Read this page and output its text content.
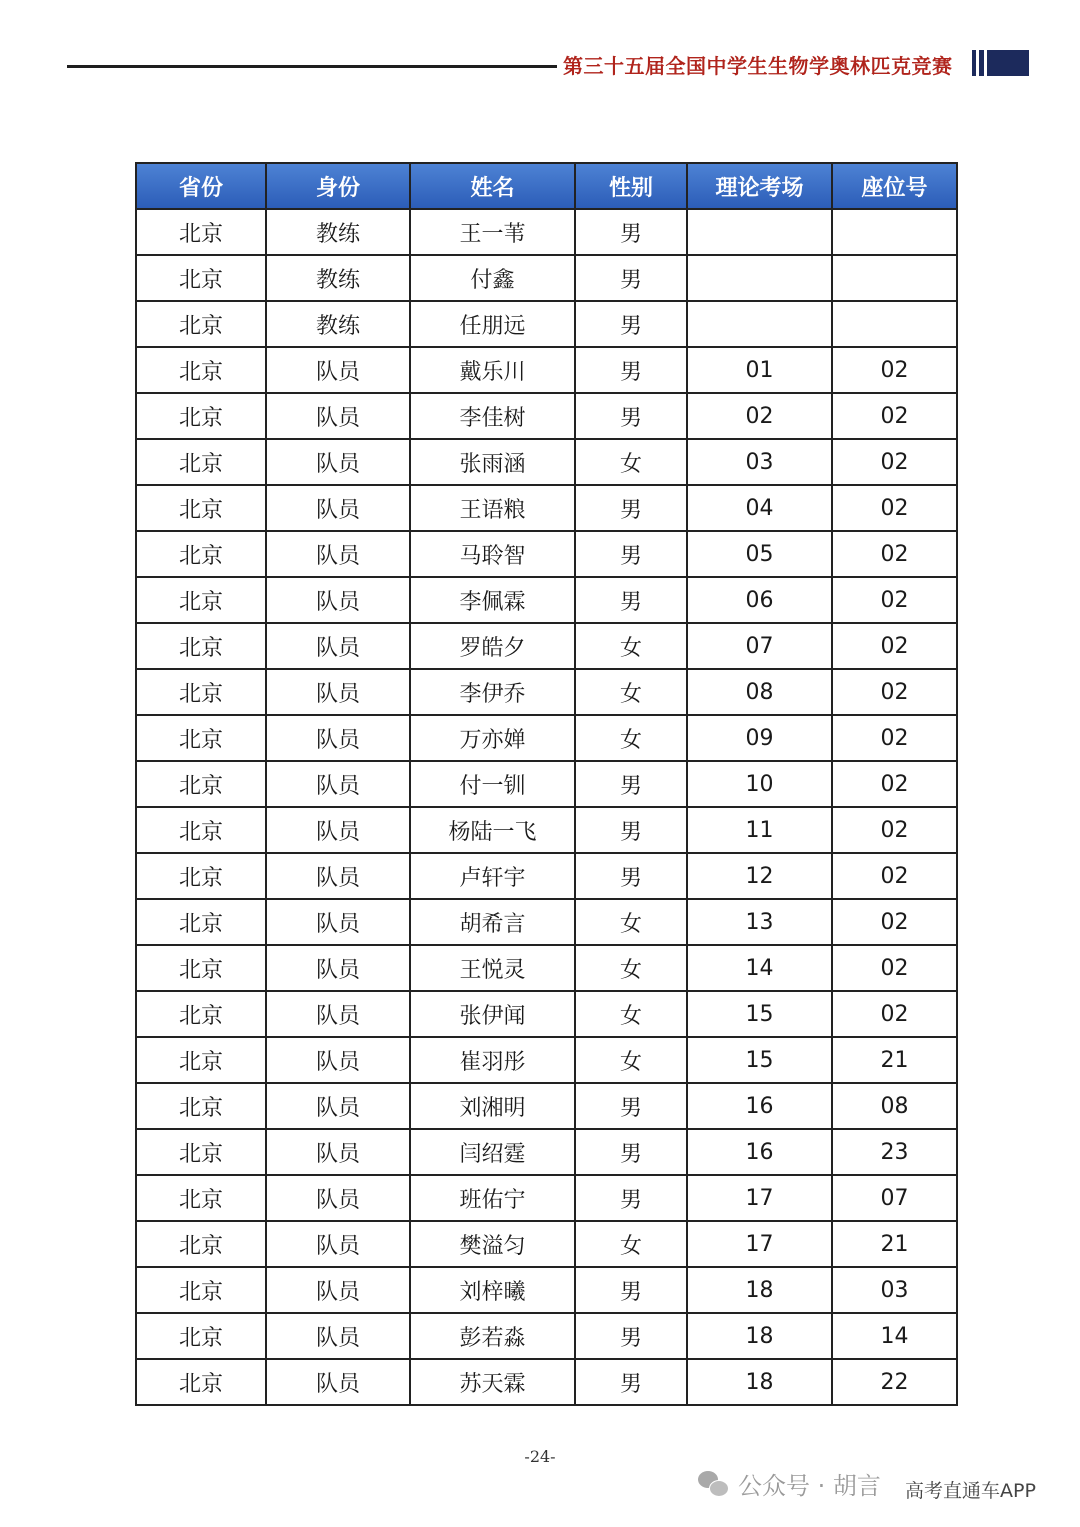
第三十五届全国中学生生物学奥林匹克竞赛
省份	身份	姓名	性别	理论考场	座位号
北京	教练	王一苇	男		
北京	教练	付鑫	男		
北京	教练	任朋远	男		
北京	队员	戴乐川	男	01	02
北京	队员	李佳树	男	02	02
北京	队员	张雨涵	女	03	02
北京	队员	王语粮	男	04	02
北京	队员	马聆智	男	05	02
北京	队员	李佩霖	男	06	02
北京	队员	罗皓夕	女	07	02
北京	队员	李伊乔	女	08	02
北京	队员	万亦婵	女	09	02
北京	队员	付一钏	男	10	02
北京	队员	杨陆一飞	男	11	02
北京	队员	卢轩宇	男	12	02
北京	队员	胡希言	女	13	02
北京	队员	王悦灵	女	14	02
北京	队员	张伊闻	女	15	02
北京	队员	崔羽彤	女	15	21
北京	队员	刘湘明	男	16	08
北京	队员	闫绍霆	男	16	23
北京	队员	班佑宁	男	17	07
北京	队员	樊溢匀	女	17	21
北京	队员	刘梓曦	男	18	03
北京	队员	彭若淼	男	18	14
北京	队员	苏天霖	男	18	22
-24-
公众号 · 胡言 高考直通车APP
